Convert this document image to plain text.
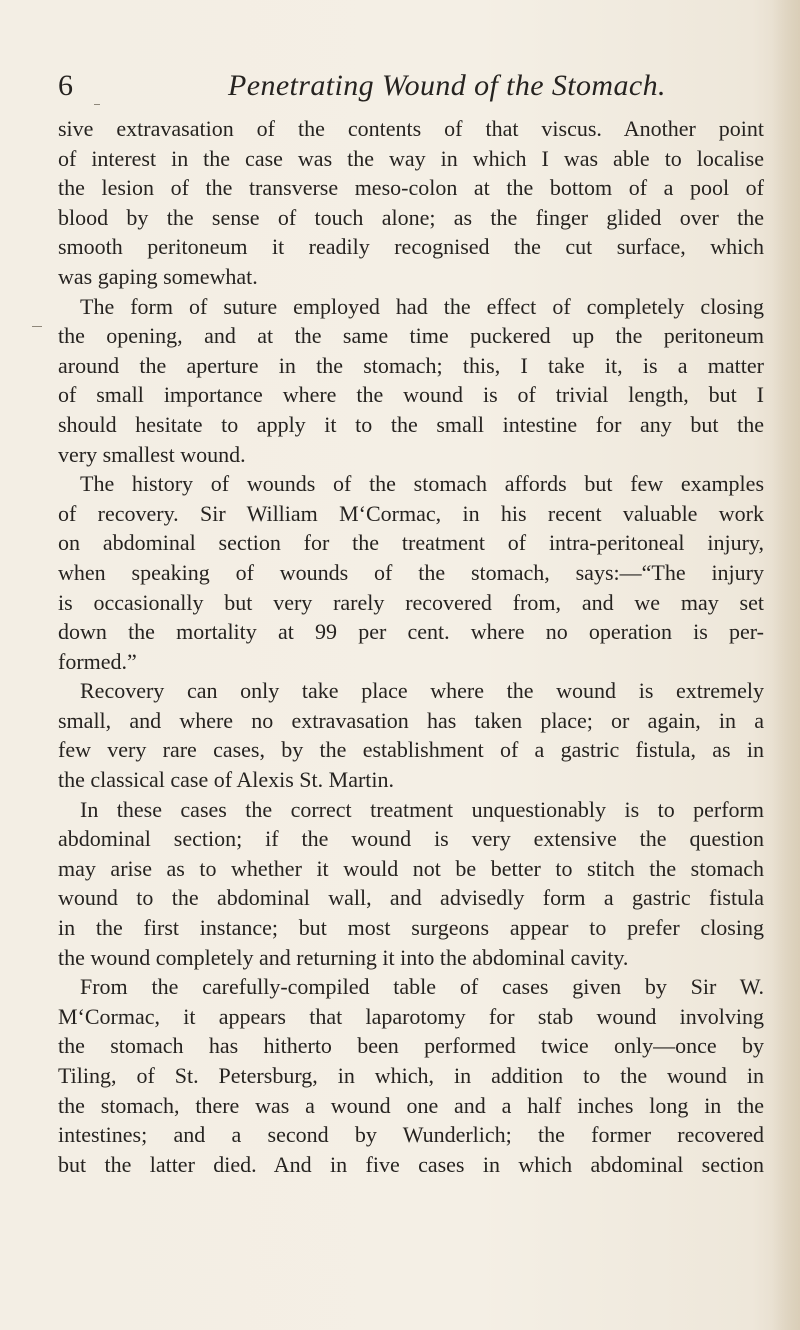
6	Penetrating Wound of the Stomach.
sive extravasation of the contents of that viscus. Another point
of interest in the case was the way in which I was able to localise
the lesion of the transverse meso-colon at the bottom of a pool of
blood by the sense of touch alone; as the finger glided over the
smooth peritoneum it readily recognised the cut surface, which
was gaping somewhat.
The form of suture employed had the effect of completely closing
the opening, and at the same time puckered up the peritoneum
around the aperture in the stomach; this, I take it, is a matter
of small importance where the wound is of trivial length, but I
should hesitate to apply it to the small intestine for any but the
very smallest wound.
The history of wounds of the stomach affords but few examples
of recovery. Sir William M‘Cormac, in his recent valuable work
on abdominal section for the treatment of intra-peritoneal injury,
when speaking of wounds of the stomach, says:—“The injury
is occasionally but very rarely recovered from, and we may set
down the mortality at 99 per cent. where no operation is per-
formed.”
Recovery can only take place where the wound is extremely
small, and where no extravasation has taken place; or again, in a
few very rare cases, by the establishment of a gastric fistula, as in
the classical case of Alexis St. Martin.
In these cases the correct treatment unquestionably is to perform
abdominal section; if the wound is very extensive the question
may arise as to whether it would not be better to stitch the stomach
wound to the abdominal wall, and advisedly form a gastric fistula
in the first instance; but most surgeons appear to prefer closing
the wound completely and returning it into the abdominal cavity.
From the carefully-compiled table of cases given by Sir W.
M‘Cormac, it appears that laparotomy for stab wound involving
the stomach has hitherto been performed twice only—once by
Tiling, of St. Petersburg, in which, in addition to the wound in
the stomach, there was a wound one and a half inches long in the
intestines; and a second by Wunderlich; the former recovered
but the latter died. And in five cases in which abdominal section
